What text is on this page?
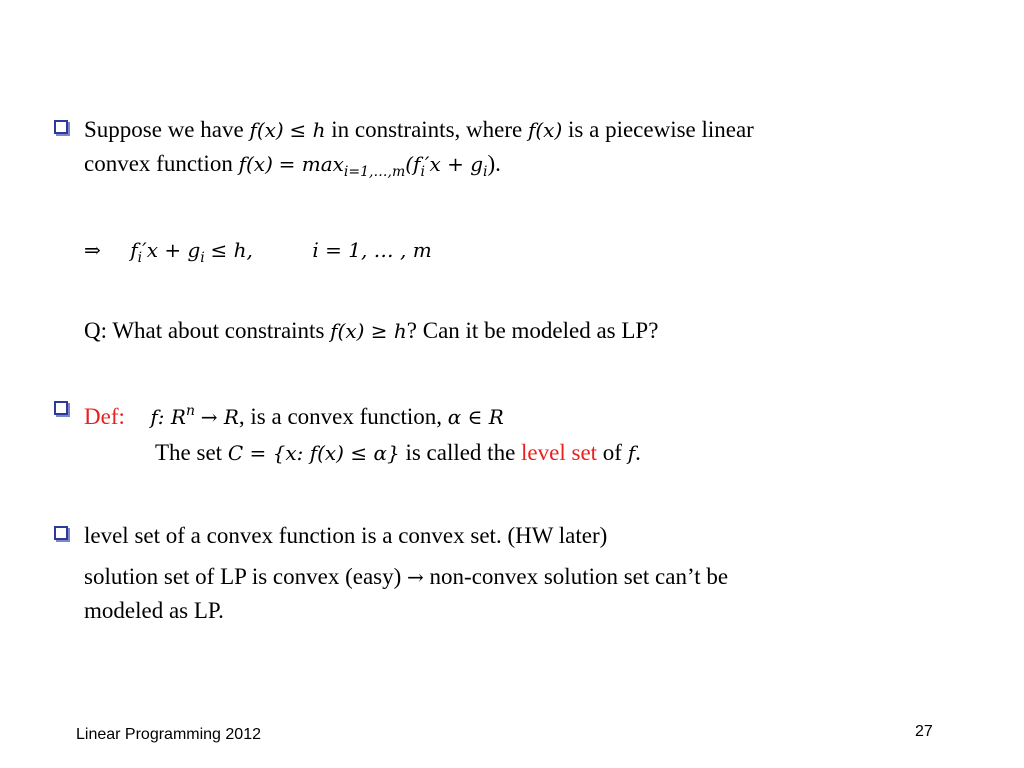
Suppose we have f(x) ≤ h in constraints, where f(x) is a piecewise linear
convex function $f(x) = \max_{i=1,\dots,m}(f_i'x + g_i)$.
⇒ $f_i'x + g_i \le h$,	i = 1, … , m
Q: What about constraints f(x) ≥ h? Can it be modeled as LP?
Def: f: $R^n \to R$, is a convex function, α ∈ R
The set C = {x: f(x) ≤ α} is called the level set of f.
level set of a convex function is a convex set. (HW later)
solution set of LP is convex (easy) → non-convex solution set can’t be
modeled as LP.
Linear Programming 2012	27
